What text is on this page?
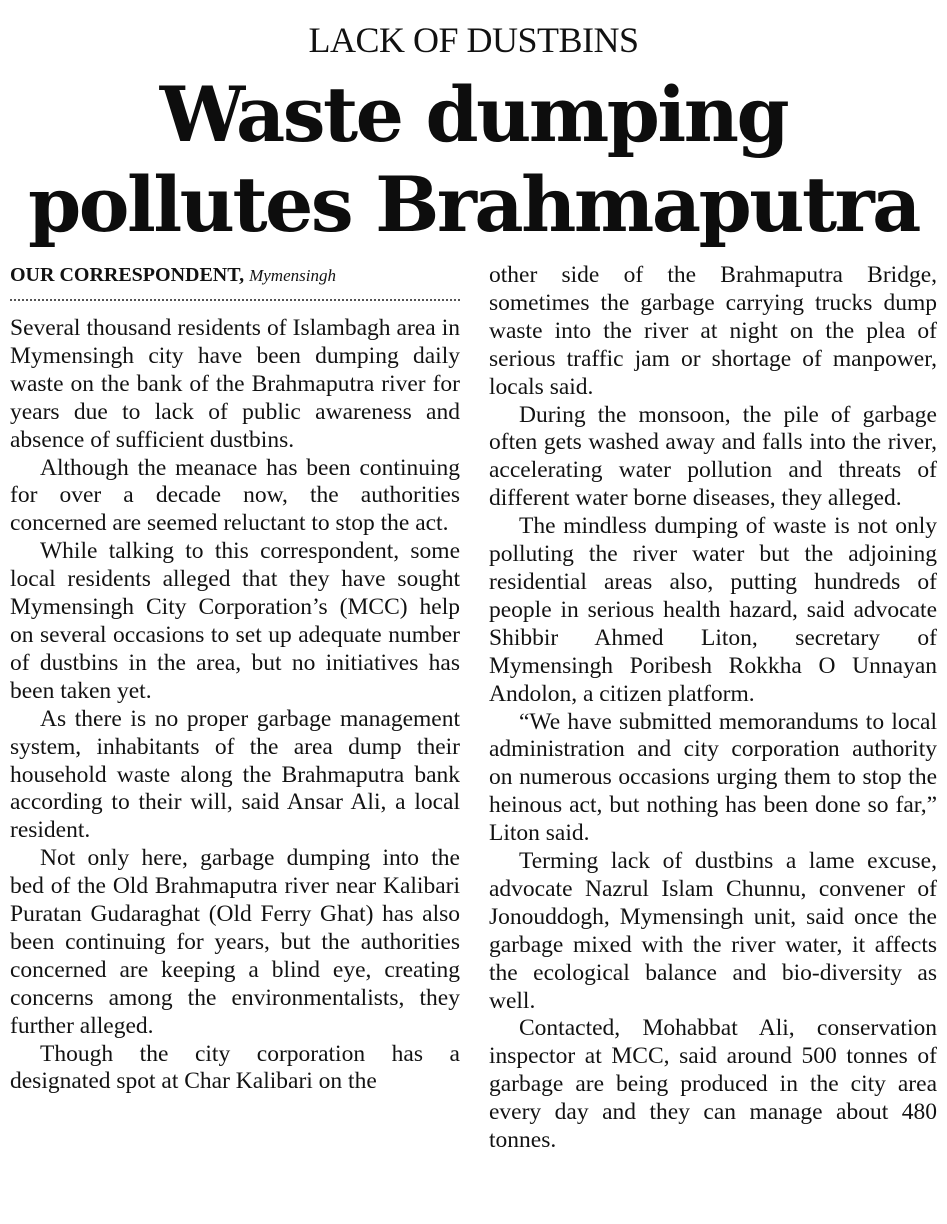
LACK OF DUSTBINS
Waste dumping pollutes Brahmaputra
OUR CORRESPONDENT, Mymensingh

Several thousand residents of Islambagh area in Mymensingh city have been dumping daily waste on the bank of the Brahmaputra river for years due to lack of public awareness and absence of sufficient dustbins.

Although the meanace has been continuing for over a decade now, the authorities concerned are seemed reluctant to stop the act.

While talking to this correspondent, some local residents alleged that they have sought Mymensingh City Corporation’s (MCC) help on several occasions to set up adequate number of dustbins in the area, but no initiatives has been taken yet.

As there is no proper garbage management system, inhabitants of the area dump their household waste along the Brahmaputra bank according to their will, said Ansar Ali, a local resident.

Not only here, garbage dumping into the bed of the Old Brahmaputra river near Kalibari Puratan Gudaraghat (Old Ferry Ghat) has also been continuing for years, but the authorities concerned are keeping a blind eye, creating concerns among the environmentalists, they further alleged.

Though the city corporation has a designated spot at Char Kalibari on the

other side of the Brahmaputra Bridge, sometimes the garbage carrying trucks dump waste into the river at night on the plea of serious traffic jam or shortage of manpower, locals said.

During the monsoon, the pile of garbage often gets washed away and falls into the river, accelerating water pollution and threats of different water borne diseases, they alleged.

The mindless dumping of waste is not only polluting the river water but the adjoining residential areas also, putting hundreds of people in serious health hazard, said advocate Shibbir Ahmed Liton, secretary of Mymensingh Poribesh Rokkha O Unnayan Andolon, a citizen platform.

“We have submitted memorandums to local administration and city corporation authority on numerous occasions urging them to stop the heinous act, but nothing has been done so far,” Liton said.

Terming lack of dustbins a lame excuse, advocate Nazrul Islam Chunnu, convener of Jonouddogh, Mymensingh unit, said once the garbage mixed with the river water, it affects the ecological balance and bio-diversity as well.

Contacted, Mohabbat Ali, conservation inspector at MCC, said around 500 tonnes of garbage are being produced in the city area every day and they can manage about 480 tonnes.
